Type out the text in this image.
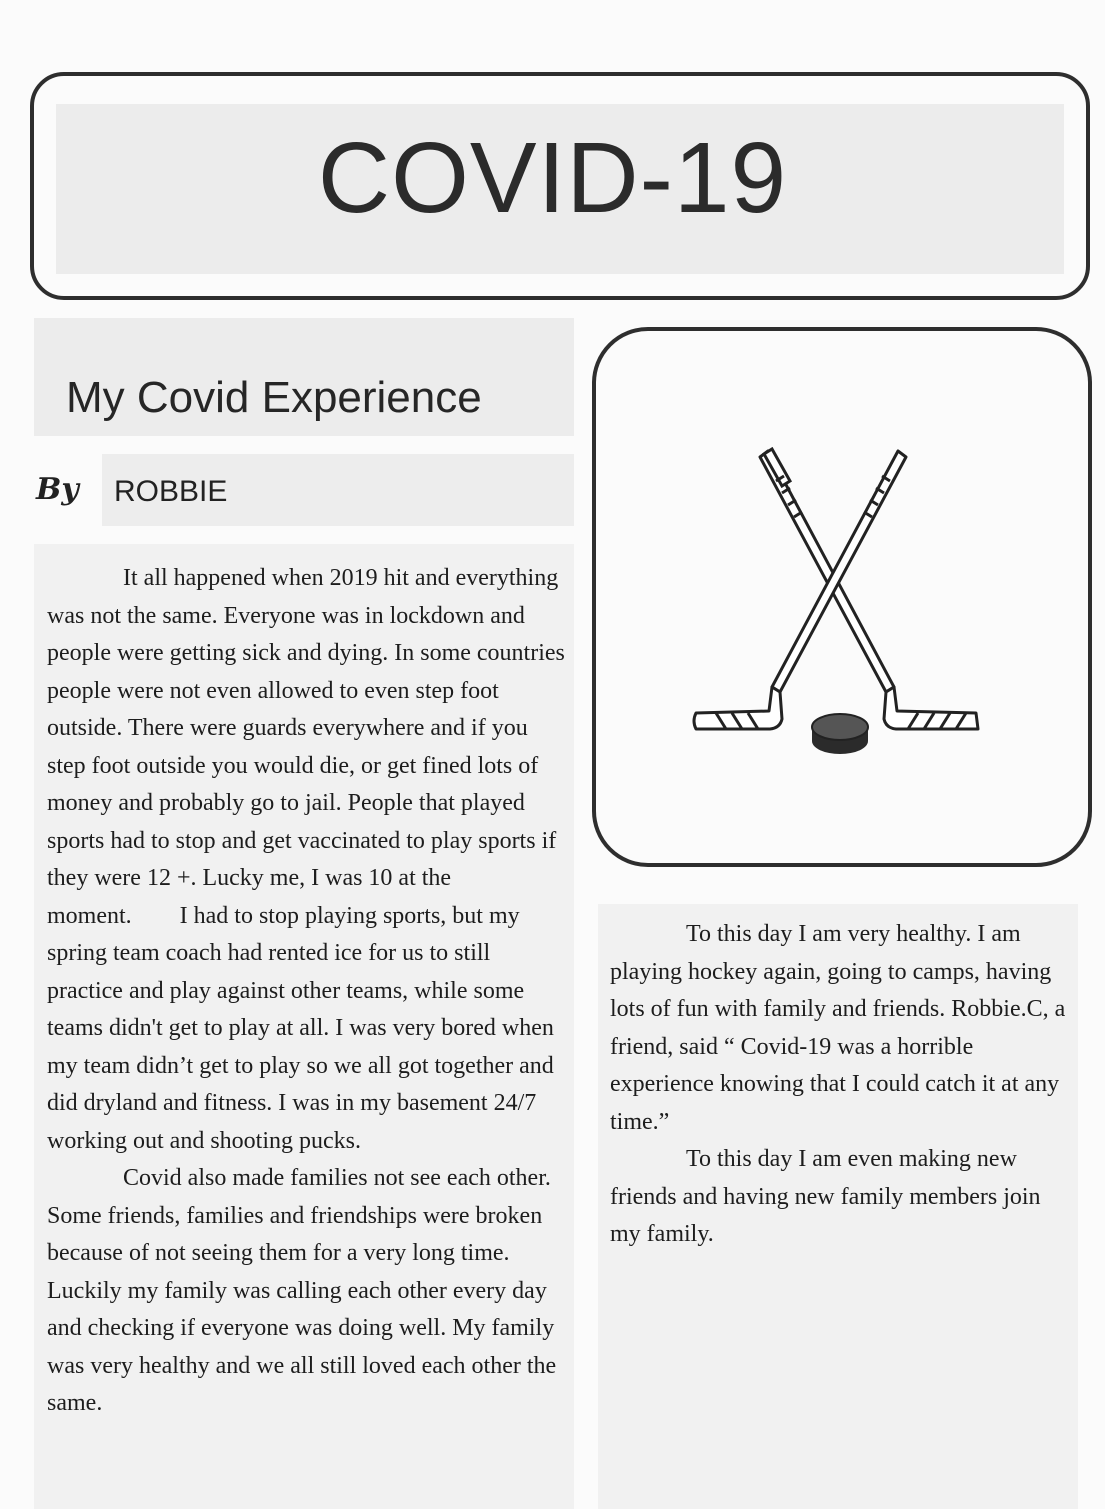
COVID-19
My Covid Experience
By ROBBIE

It all happened when 2019 hit and everything was not the same. Everyone was in lockdown and people were getting sick and dying. In some countries people were not even allowed to even step foot outside. There were guards everywhere and if you step foot outside you would die, or get fined lots of money and probably go to jail. People that played sports had to stop and get vaccinated to play sports if they were 12 +. Lucky me, I was 10 at the moment.  I had to stop playing sports, but my spring team coach had rented ice for us to still practice and play against other teams, while some teams didn't get to play at all. I was very bored when my team didn’t get to play so we all got together and did dryland and fitness. I was in my basement 24/7 working out and shooting pucks.

Covid also made families not see each other. Some friends, families and friendships were broken because of not seeing them for a very long time. Luckily my family was calling each other every day and checking if everyone was doing well. My family was very healthy and we all still loved each other the same.

To this day I am very healthy. I am playing hockey again, going to camps, having lots of fun with family and friends. Robbie.C, a friend, said “ Covid-19 was a horrible experience knowing that I could catch it at any time.”

To this day I am even making new friends and having new family members join my family.
